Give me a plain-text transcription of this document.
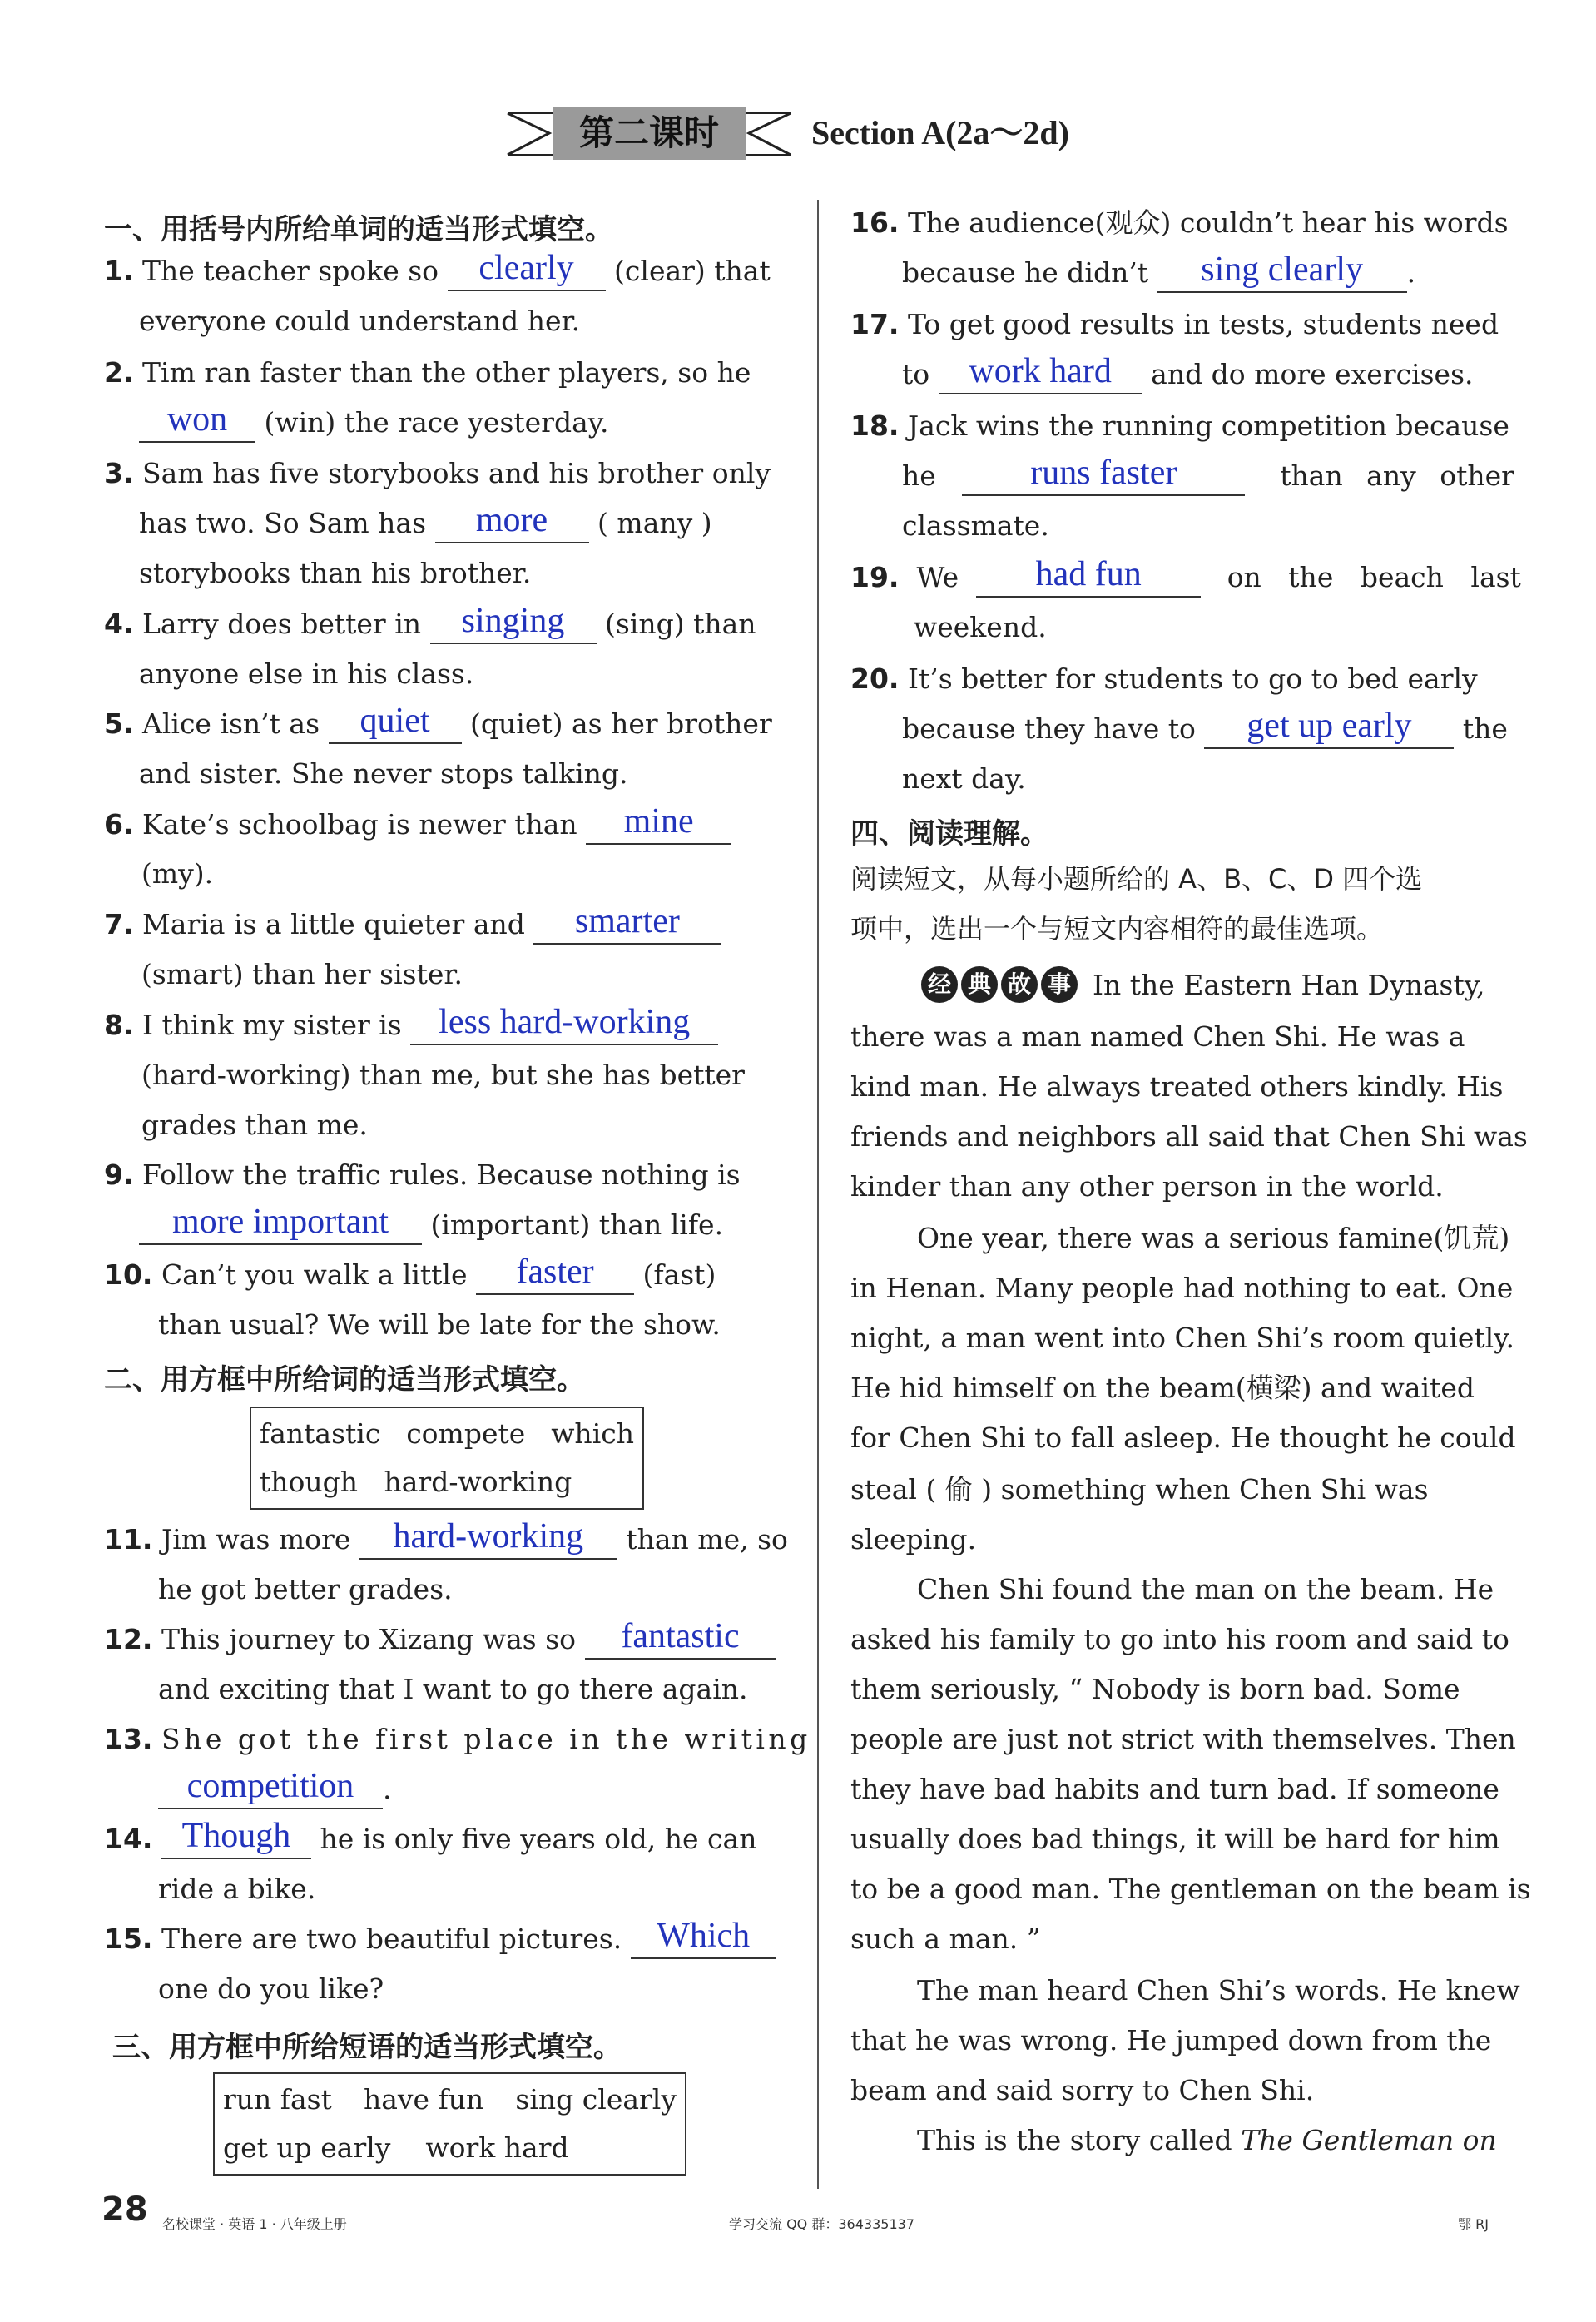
第二课时	Section A(2a～2d)
一、用括号内所给单词的适当形式填空。
1. The teacher spoke so	clearly	(clear) that
everyone could understand her.
2. Tim ran faster than the other players, so he
won	(win) the race yesterday.
3. Sam has five storybooks and his brother only
has two. So Sam has	more	( many )
storybooks than his brother.
4. Larry does better in	singing	(sing) than
anyone else in his class.
5. Alice isn’t as	quiet	(quiet) as her brother
and sister. She never stops talking.
6. Kate’s schoolbag is newer than	mine
(my).
7. Maria is a little quieter and	smarter
(smart) than her sister.
8. I think my sister is	less hard-working
(hard-working) than me, but she has better
grades than me.
9. Follow the traffic rules. Because nothing is
more important	(important) than life.
10. Can’t you walk a little	faster	(fast)
than usual? We will be late for the show.
二、用方框中所给词的适当形式填空。
fantastic compete which
though hard-working
11. Jim was more	hard-working	than me, so
he got better grades.
12. This journey to Xizang was so	fantastic
and exciting that I want to go there again.
13. She got the first place in the writing
competition	.
14. Though	he is only five years old, he can
ride a bike.
15. There are two beautiful pictures.	Which
one do you like?
三、用方框中所给短语的适当形式填空。
run fast have fun sing clearly
get up early work hard
16. The audience(观众) couldn’t hear his words
because he didn’t	sing clearly	.
17. To get good results in tests, students need
to	work hard	and do more exercises.
18. Jack wins the running competition because
he	runs faster	than any other
classmate.
19. We	had fun	on the beach last
weekend.
20. It’s better for students to go to bed early
because they have to	get up early	the
next day.
四、阅读理解。
阅读短文，从每小题所给的 A、B、C、D 四个选
项中，选出一个与短文内容相符的最佳选项。
经典故事 In the Eastern Han Dynasty,
there was a man named Chen Shi. He was a
kind man. He always treated others kindly. His
friends and neighbors all said that Chen Shi was
kinder than any other person in the world.
One year, there was a serious famine(饥荒)
in Henan. Many people had nothing to eat. One
night, a man went into Chen Shi’s room quietly.
He hid himself on the beam(横梁) and waited
for Chen Shi to fall asleep. He thought he could
steal ( 偷 ) something when Chen Shi was
sleeping.
Chen Shi found the man on the beam. He
asked his family to go into his room and said to
them seriously, “ Nobody is born bad. Some
people are just not strict with themselves. Then
they have bad habits and turn bad. If someone
usually does bad things, it will be hard for him
to be a good man. The gentleman on the beam is
such a man. ”
The man heard Chen Shi’s words. He knew
that he was wrong. He jumped down from the
beam and said sorry to Chen Shi.
This is the story called The Gentleman on
28 名校课堂 · 英语 1 · 八年级上册	学习交流 QQ 群：364335137	鄂 RJ
